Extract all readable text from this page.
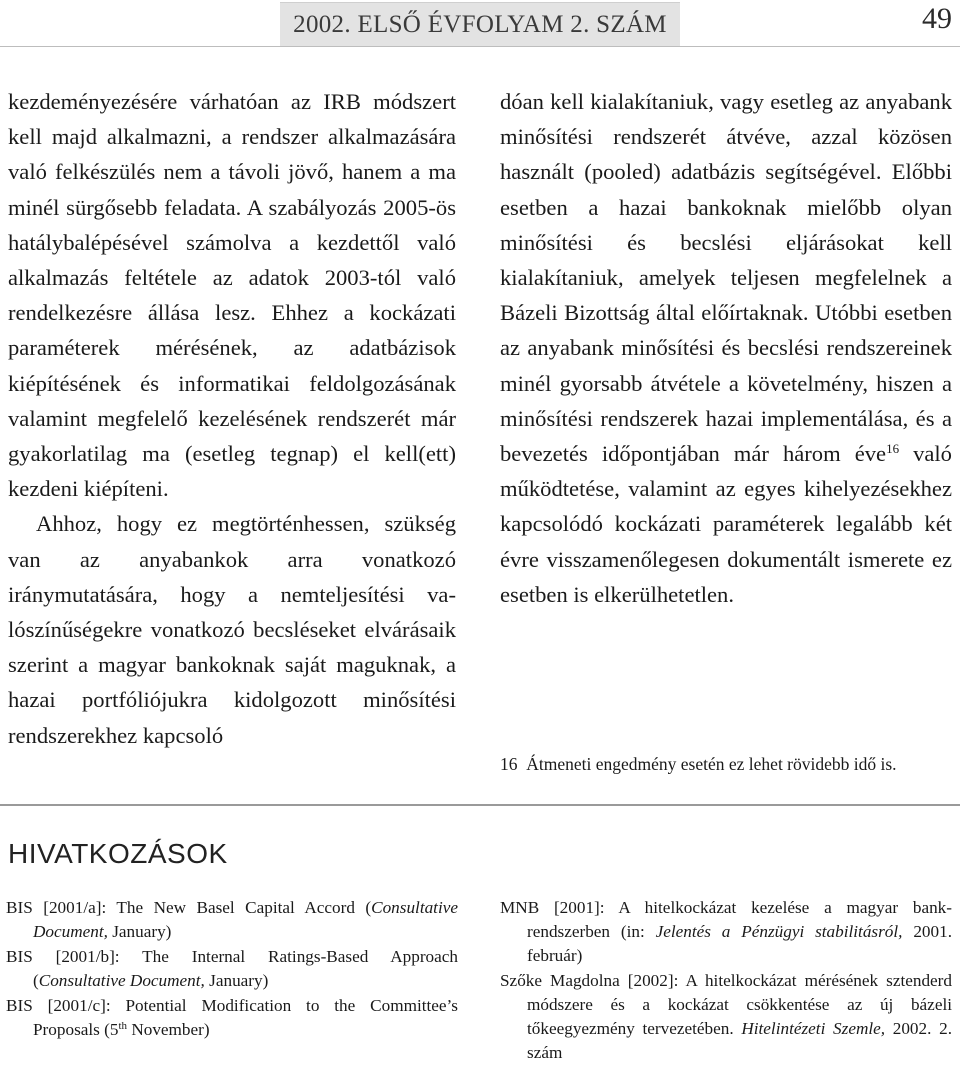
2002. ELSŐ ÉVFOLYAM 2. SZÁM	49

kezdeményezésére várhatóan az IRB módszert kell majd alkalmazni, a rendszer alkalmazására való felkészülés nem a távoli jövő, hanem a ma minél sürgősebb feladata. A szabályozás 2005-ös hatálybalépésével számolva a kezdettől való alkalmazás feltétele az adatok 2003-tól való rendelkezésre állása lesz. Ehhez a kockázati paraméterek mérésének, az adatbázisok kiépítésének és informatikai feldolgozásának valamint megfelelő kezelésének rendszerét már gyakorlatilag ma (esetleg tegnap) el kell(ett) kezdeni kiépíteni.

Ahhoz, hogy ez megtörténhessen, szükség van az anyabankok arra vonatkozó iránymutatására, hogy a nemteljesítési valószínűségekre vonatkozó becsléseket elvárásaik szerint a magyar bankoknak saját maguknak, a hazai portfóliójukra kidolgozott minősítési rendszerekhez kapcsoló

dóan kell kialakítaniuk, vagy esetleg az anyabank minősítési rendszerét átvéve, azzal közösen használt (pooled) adatbázis segítségével. Előbbi esetben a hazai bankoknak mielőbb olyan minősítési és becslési eljárásokat kell kialakítaniuk, amelyek teljesen megfelelnek a Bázeli Bizottság által előírtaknak. Utóbbi esetben az anyabank minősítési és becslési rendszereinek minél gyorsabb átvétele a követelmény, hiszen a minősítési rendszerek hazai implementálása, és a bevezetés időpontjában már három éve$^{16}$ való működtetése, valamint az egyes kihelyezésekhez kapcsolódó kockázati paraméterek legalább két évre visszamenőlegesen dokumentált ismerete ez esetben is elkerülhetetlen.

16 Átmeneti engedmény esetén ez lehet rövidebb idő is.
HIVATKOZÁSOK

BIS [2001/a]: The New Basel Capital Accord (Consultative Document, January)

BIS [2001/b]: The Internal Ratings-Based Approach (Consultative Document, January)

BIS [2001/c]: Potential Modification to the Committee’s Proposals (5th November)

MNB [2001]: A hitelkockázat kezelése a magyar bankrendszerben (in: Jelentés a Pénzügyi stabilitásról, 2001. február)

Szőke Magdolna [2002]: A hitelkockázat mérésének sztenderd módszere és a kockázat csökkentése az új bázeli tőkeegyezmény tervezetében. Hitelintézeti Szemle, 2002. 2. szám
